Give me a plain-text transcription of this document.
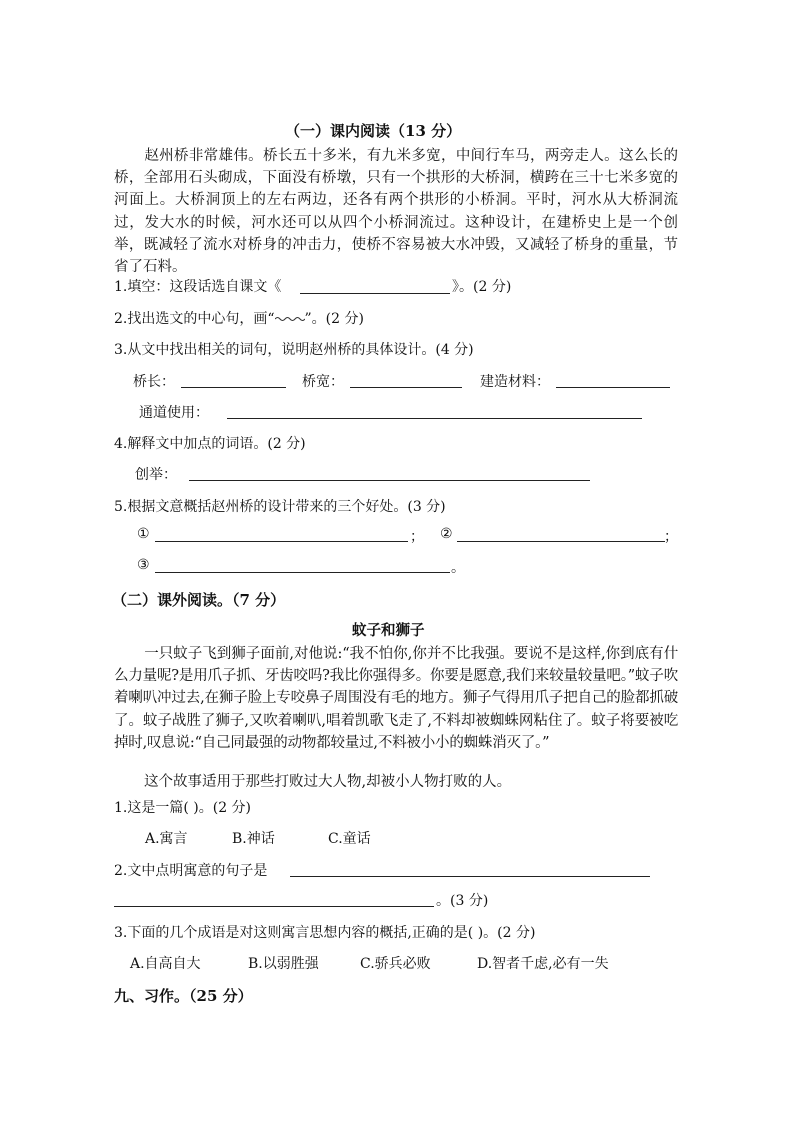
（一）课内阅读（13 分）
赵州桥非常雄伟。桥长五十多米，有九米多宽，中间行车马，两旁走人。这么长的桥，全部用石头砌成，下面没有桥墩，只有一个拱形的大桥洞，横跨在三十七米多宽的河面上。大桥洞顶上的左右两边，还各有两个拱形的小桥洞。平时，河水从大桥洞流过，发大水的时候，河水还可以从四个小桥洞流过。这种设计，在建桥史上是一个创举，既减轻了流水对桥身的冲击力，使桥不容易被大水冲毁，又减轻了桥身的重量，节省了石料。
1.填空：这段话选自课文《	》。(2 分)
2.找出选文的中心句，画“ ”。(2 分)
3.从文中找出相关的词句，说明赵州桥的具体设计。(4 分)
桥长：	桥宽：	建造材料：
通道使用：
4.解释文中加点的词语。(2 分)
创举：
5.根据文意概括赵州桥的设计带来的三个好处。(3 分)
①	； ②	；
③	。
（二）课外阅读。（7 分）
蚊子和狮子
一只蚊子飞到狮子面前,对他说:“我不怕你,你并不比我强。要说不是这样,你到底有什么力量呢?是用爪子抓、牙齿咬吗?我比你强得多。你要是愿意,我们来较量较量吧。”蚊子吹着喇叭冲过去,在狮子脸上专咬鼻子周围没有毛的地方。狮子气得用爪子把自己的脸都抓破了。蚊子战胜了狮子,又吹着喇叭,唱着凯歌飞走了,不料却被蜘蛛网粘住了。蚊子将要被吃掉时,叹息说:“自己同最强的动物都较量过,不料被小小的蜘蛛消灭了。”
这个故事适用于那些打败过大人物,却被小人物打败的人。
1.这是一篇( )。(2 分)
A.寓言	B.神话	C.童话
2.文中点明寓意的句子是
。(3 分)
3.下面的几个成语是对这则寓言思想内容的概括,正确的是( )。(2 分)
A.自高自大	B.以弱胜强	C.骄兵必败	D.智者千虑,必有一失
九、习作。（25 分）
